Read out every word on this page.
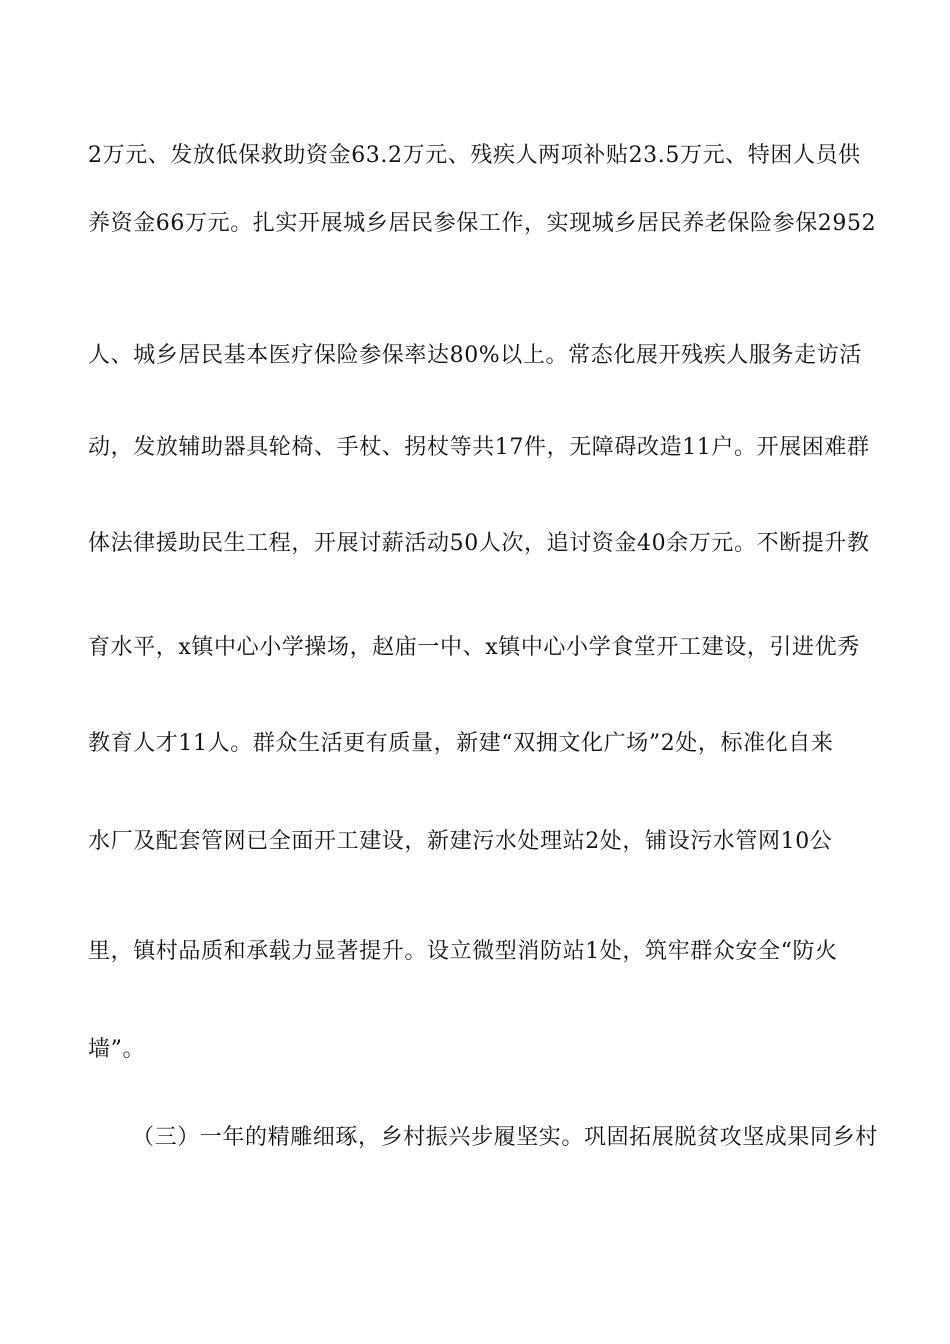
2万元、发放低保救助资金63.2万元、残疾人两项补贴23.5万元、特困人员供
养资金66万元。扎实开展城乡居民参保工作，实现城乡居民养老保险参保2952
人、城乡居民基本医疗保险参保率达80%以上。常态化展开残疾人服务走访活
动，发放辅助器具轮椅、手杖、拐杖等共17件，无障碍改造11户。开展困难群
体法律援助民生工程，开展讨薪活动50人次，追讨资金40余万元。不断提升教
育水平，x镇中心小学操场，赵庙一中、x镇中心小学食堂开工建设，引进优秀
教育人才11人。群众生活更有质量，新建“双拥文化广场”2处，标准化自来
水厂及配套管网已全面开工建设，新建污水处理站2处，铺设污水管网10公
里，镇村品质和承载力显著提升。设立微型消防站1处，筑牢群众安全“防火
墙”。
（三）一年的精雕细琢，乡村振兴步履坚实。巩固拓展脱贫攻坚成果同乡村
